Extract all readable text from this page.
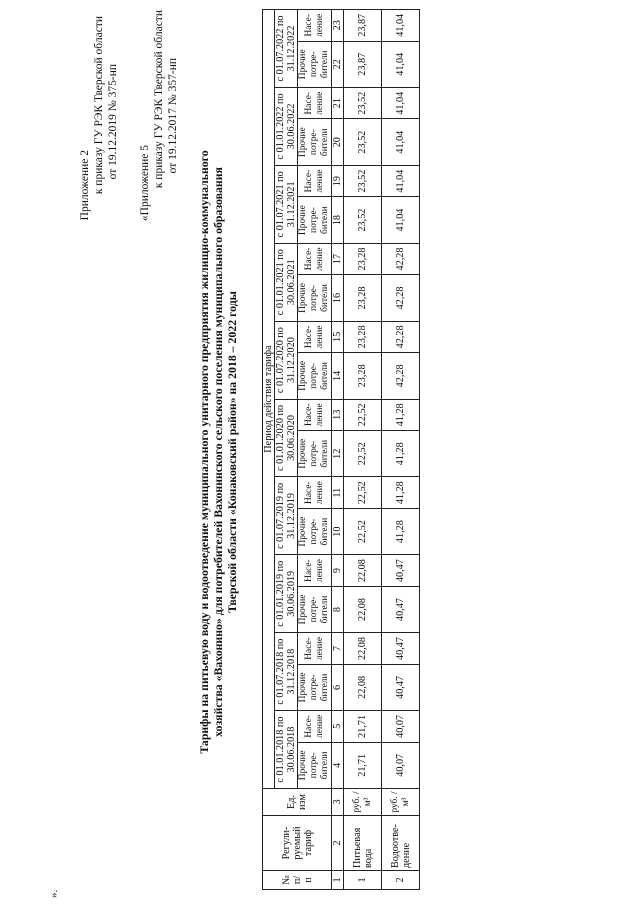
Приложение 2 к приказу ГУ РЭК Тверской области от 19.12.2019 № 375-нп
«Приложение 5 к приказу ГУ РЭК Тверской области от 19.12.2017 № 357-нп
Тарифы на питьевую воду и водоотведение муниципального унитарного предприятия жилищно-коммунального хозяйства «Вахонино» для потребителей Вахонинского сельского поселения муниципального образования Тверской области «Конаковский район» на 2018 – 2022 годы
№ п/ п	Регули-руемый тариф	Ед. изм	Период действия тарифа																			
			с 01.01.2018 по 30.06.2018		с 01.07.2018 по 31.12.2018		с 01.01.2019 по 30.06.2019		с 01.07.2019 по 31.12.2019		с 01.01.2020 по 30.06.2020		с 01.07.2020 по 31.12.2020		с 01.01.2021 по 30.06.2021		с 01.07.2021 по 31.12.2021		с 01.01.2022 по 30.06.2022		с 01.07.2022 по 31.12.2022	
			Прочие потре-бители	Насе-ление	Прочие потре-бители	Насе-ление	Прочие потре-бители	Насе-ление	Прочие потре-бители	Насе-ление	Прочие потре-бители	Насе-ление	Прочие потре-бители	Насе-ление	Прочие потре-бители	Насе-ление	Прочие потре-бители	Насе-ление	Прочие потре-бители	Насе-ление	Прочие потре-бители	Насе-ление
1	2	3	4	5	6	7	8	9	10	11	12	13	14	15	16	17	18	19	20	21	22	23
1	Питьевая вода	руб. /м³	21,71	21,71	22,08	22,08	22,08	22,08	22,52	22,52	22,52	22,52	23,28	23,28	23,28	23,28	23,52	23,52	23,52	23,52	23,87	23,87
2	Водоотве-дение	руб. /м³	40,07	40,07	40,47	40,47	40,47	40,47	41,28	41,28	41,28	41,28	42,28	42,28	42,28	42,28	41,04	41,04	41,04	41,04	41,04	41,04
».
